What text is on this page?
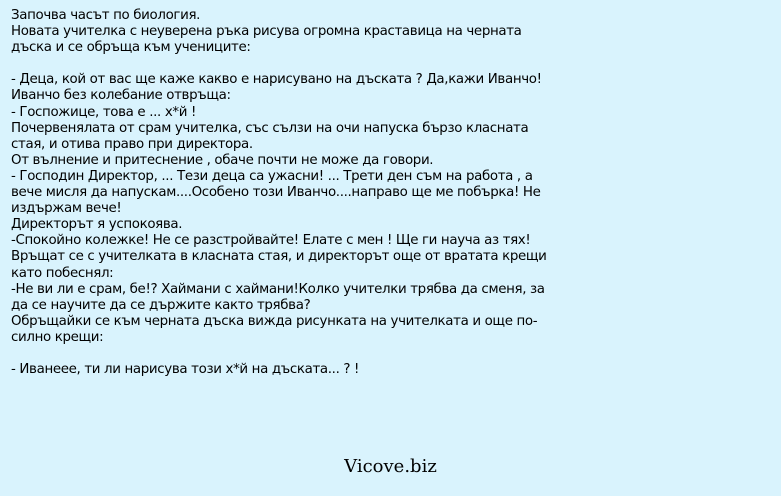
Започва часът по биология.
Новата учителка с неуверена ръка рисува огромна краставица на черната
дъска и се обръща към учениците:
- Деца, кой от вас ще каже какво е нарисувано на дъската ? Да,кажи Иванчо!
Иванчо без колебание отвръща:
- Госпожице, това е ... х*й !
Почервенялата от срам учителка, със сълзи на очи напуска бързо класната
стая, и отива право при директора.
От вълнение и притеснение , обаче почти не може да говори.
- Господин Директор, ... Тези деца са ужасни! ... Трети ден съм на работа , а
вече мисля да напускам....Особено този Иванчо....направо ще ме побърка! Не
издържам вече!
Директорът я успокоява.
-Спокойно колежке! Не се разстройвайте! Елате с мен ! Ще ги науча аз тях!
Връщат се с учителката в класната стая, и директорът още от вратата крещи
като побеснял:
-Не ви ли е срам, бе!? Хаймани с хаймани!Колко учителки трябва да сменя, за
да се научите да се държите както трябва?
Обръщайки се към черната дъска вижда рисунката на учителката и още по-
силно крещи:
- Иванеее, ти ли нарисува този х*й на дъската... ? !
Vicove.biz
